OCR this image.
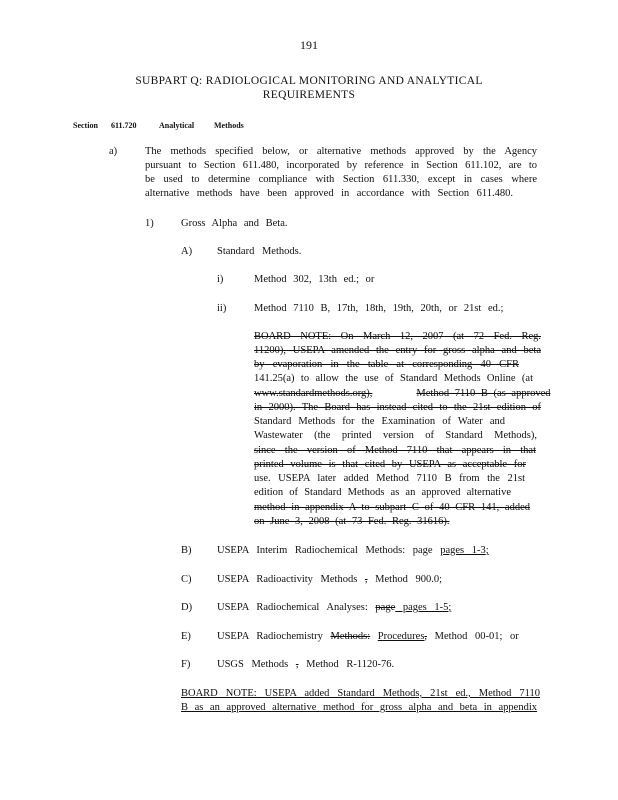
191
SUBPART Q: RADIOLOGICAL MONITORING AND ANALYTICAL REQUIREMENTS
Section 611.720	Analytical Methods
a)	The methods specified below, or alternative methods approved by the Agency
pursuant to Section 611.480, incorporated by reference in Section 611.102, are to
be used to determine compliance with Section 611.330, except in cases where
alternative methods have been approved in accordance with Section 611.480.
1)	Gross Alpha and Beta.
A) Standard Methods.
i)	Method 302, 13th ed.; or
ii)	Method 7110 B, 17th, 18th, 19th, 20th, or 21st ed.;
BOARD NOTE: On March 12, 2007 (at 72 Fed. Reg.
11200), USEPA amended the entry for gross alpha and beta
by evaporation in the table at corresponding 40 CFR
141.25(a) to allow the use of Standard Methods Online (at
www.standardmethods.org),	Method 7110 B (as approved
in 2000). The Board has instead cited to the 21st edition of
Standard Methods for the Examination of Water and
Wastewater (the printed version of Standard Methods),
since the version of Method 7110 that appears in that
printed volume is that cited by USEPA as acceptable for
use. USEPA later added Method 7110 B from the 21st
edition of Standard Methods as an approved alternative
method in appendix A to subpart C of 40 CFR 141, added
on June 3, 2008 (at 73 Fed. Reg. 31616).
B) USEPA Interim Radiochemical Methods: page pages 1-3;
C) USEPA Radioactivity Methods , Method 900.0;
D) USEPA Radiochemical Analyses: page pages 1-5;
E) USEPA Radiochemistry Methods: Procedures, Method 00-01; or
F)	USGS Methods , Method R-1120-76.
BOARD NOTE: USEPA added Standard Methods, 21st ed., Method 7110
B as an approved alternative method for gross alpha and beta in appendix
